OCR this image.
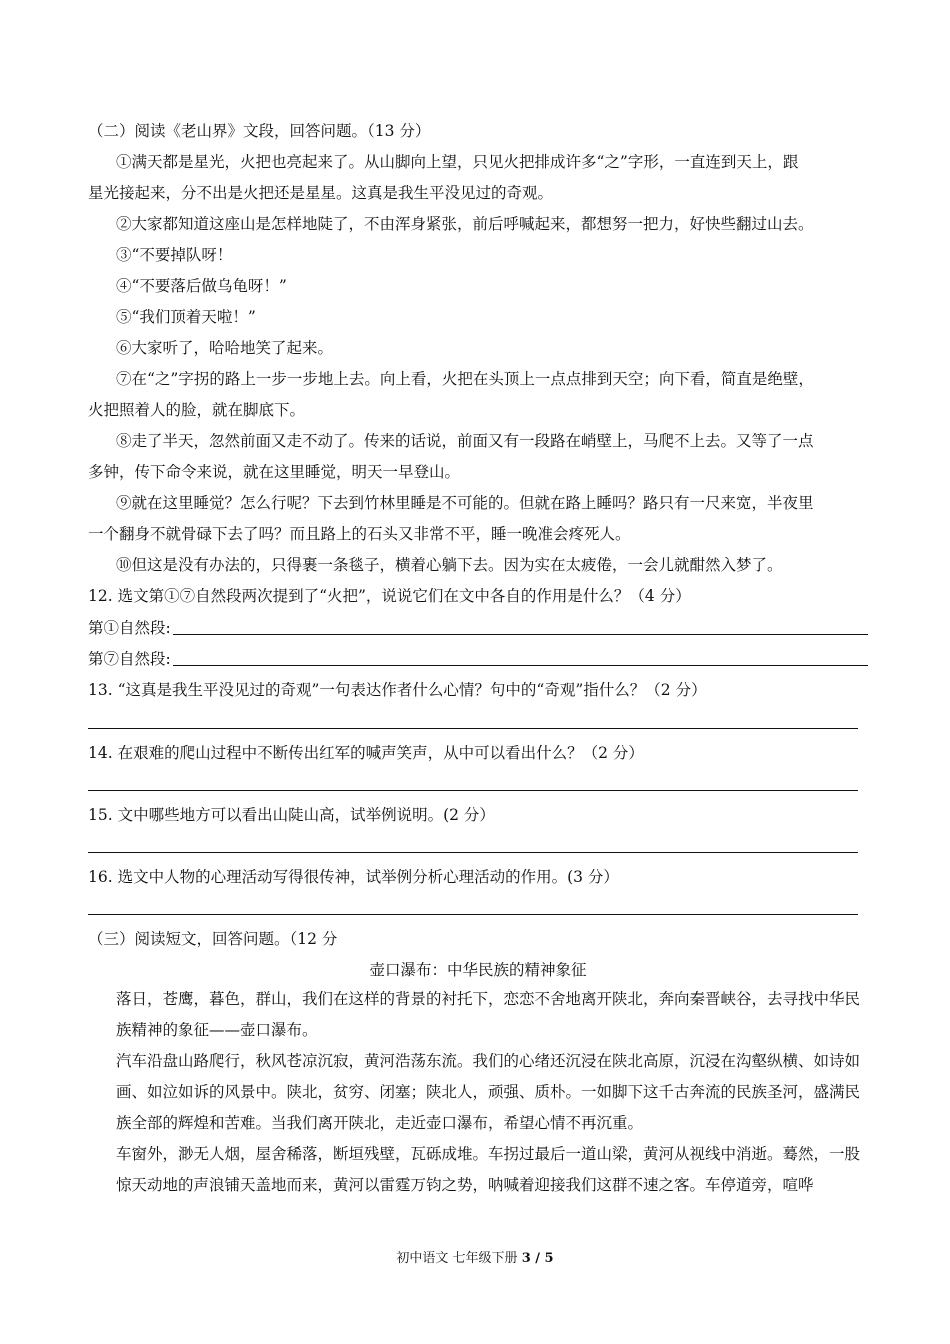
（二）阅读《老山界》文段，回答问题。（13 分）
①满天都是星光，火把也亮起来了。从山脚向上望，只见火把排成许多“之”字形，一直连到天上，跟
星光接起来，分不出是火把还是星星。这真是我生平没见过的奇观。
②大家都知道这座山是怎样地陡了，不由浑身紧张，前后呼喊起来，都想努一把力，好快些翻过山去。
③“不要掉队呀！
④“不要落后做乌龟呀！”
⑤“我们顶着天啦！”
⑥大家听了，哈哈地笑了起来。
⑦在“之”字拐的路上一步一步地上去。向上看，火把在头顶上一点点排到天空；向下看，简直是绝壁，
火把照着人的脸，就在脚底下。
⑧走了半天，忽然前面又走不动了。传来的话说，前面又有一段路在峭壁上，马爬不上去。又等了一点
多钟，传下命令来说，就在这里睡觉，明天一早登山。
⑨就在这里睡觉？怎么行呢？下去到竹林里睡是不可能的。但就在路上睡吗？路只有一尺来宽，半夜里
一个翻身不就骨碌下去了吗？而且路上的石头又非常不平，睡一晚准会疼死人。
⑩但这是没有办法的，只得裹一条毯子，横着心躺下去。因为实在太疲倦，一会儿就酣然入梦了。
12. 选文第①⑦自然段两次提到了“火把”，说说它们在文中各自的作用是什么？（4 分）
第①自然段:
第⑦自然段:
13. “这真是我生平没见过的奇观”一句表达作者什么心情？句中的“奇观”指什么？（2 分）
14. 在艰难的爬山过程中不断传出红军的喊声笑声，从中可以看出什么？（2 分）
15. 文中哪些地方可以看出山陡山高，试举例说明。(2 分）
16. 选文中人物的心理活动写得很传神，试举例分析心理活动的作用。(3 分）
（三）阅读短文，回答问题。（12 分
壶口瀑布：中华民族的精神象征
落日，苍鹰，暮色，群山，我们在这样的背景的衬托下，恋恋不舍地离开陕北，奔向秦晋峡谷，去寻找中华民族精神的象征——壶口瀑布。
汽车沿盘山路爬行，秋风苍凉沉寂，黄河浩荡东流。我们的心绪还沉浸在陕北高原，沉浸在沟壑纵横、如诗如画、如泣如诉的风景中。陕北，贫穷、闭塞；陕北人，顽强、质朴。一如脚下这千古奔流的民族圣河，盛满民族全部的辉煌和苦难。当我们离开陕北，走近壶口瀑布，希望心情不再沉重。
车窗外，渺无人烟，屋舍稀落，断垣残壁，瓦砾成堆。车拐过最后一道山梁，黄河从视线中消逝。蓦然，一股惊天动地的声浪铺天盖地而来，黄河以雷霆万钧之势，呐喊着迎接我们这群不速之客。车停道旁，喧哗
初中语文 七年级下册 3 / 5
